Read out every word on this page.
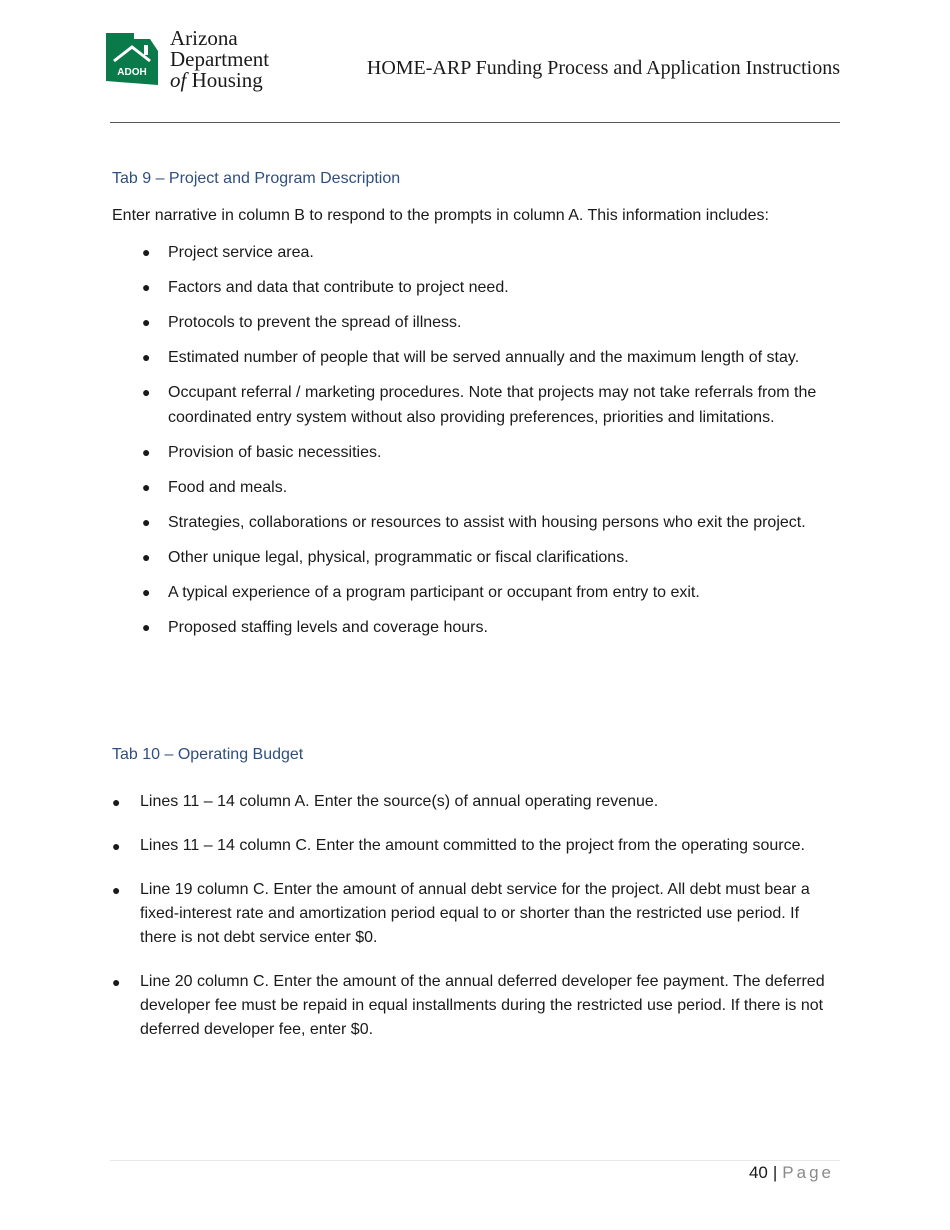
ADOH
Arizona
Department
of Housing	HOME-ARP Funding Process and Application Instructions
Tab 9 – Project and Program Description
Enter narrative in column B to respond to the prompts in column A. This information includes:
● Project service area.
● Factors and data that contribute to project need.
● Protocols to prevent the spread of illness.
● Estimated number of people that will be served annually and the maximum length of stay.
● Occupant referral / marketing procedures. Note that projects may not take referrals from the coordinated entry system without also providing preferences, priorities and limitations.
● Provision of basic necessities.
● Food and meals.
● Strategies, collaborations or resources to assist with housing persons who exit the project.
● Other unique legal, physical, programmatic or fiscal clarifications.
● A typical experience of a program participant or occupant from entry to exit.
● Proposed staffing levels and coverage hours.
Tab 10 – Operating Budget
● Lines 11 – 14 column A. Enter the source(s) of annual operating revenue.
● Lines 11 – 14 column C. Enter the amount committed to the project from the operating source.
● Line 19 column C. Enter the amount of annual debt service for the project. All debt must bear a fixed-interest rate and amortization period equal to or shorter than the restricted use period. If there is not debt service enter $0.
● Line 20 column C. Enter the amount of the annual deferred developer fee payment. The deferred developer fee must be repaid in equal installments during the restricted use period. If there is not deferred developer fee, enter $0.
40 | Page
